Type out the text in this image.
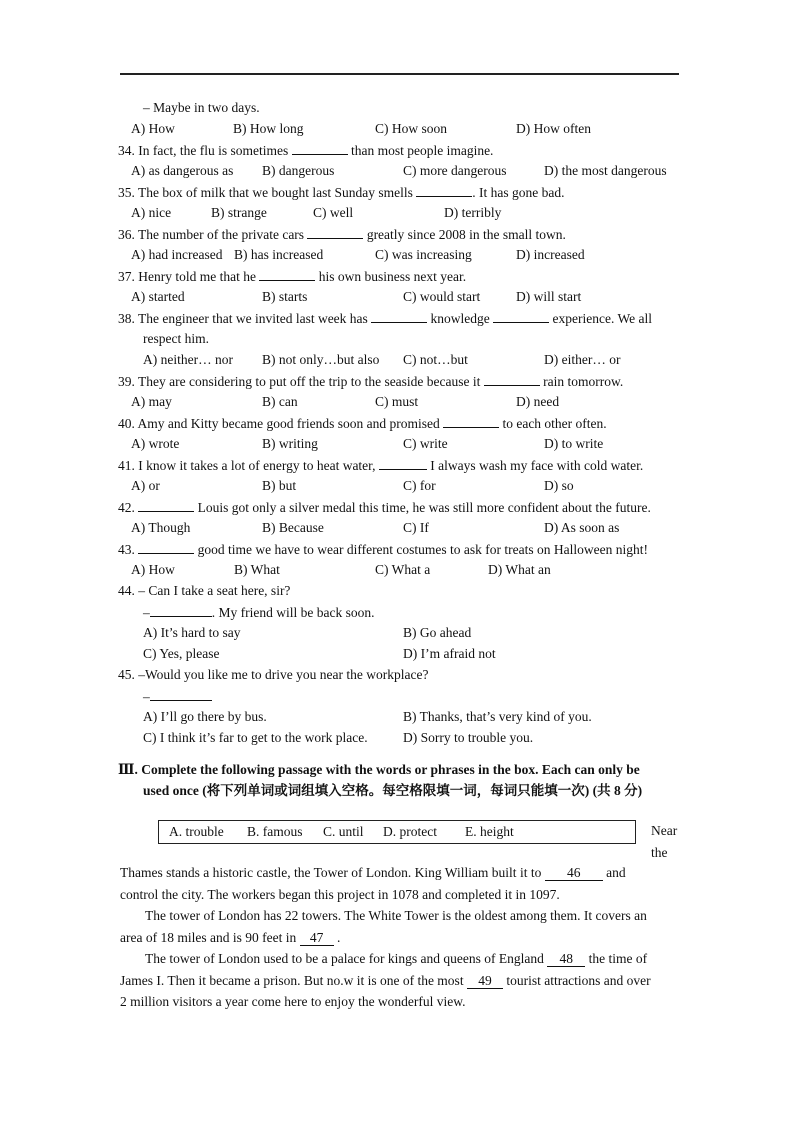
– Maybe in two days.
A) How	B) How long	C) How soon	D) How often
34. In fact, the flu is sometimes	than most people imagine.
A) as dangerous as B) dangerous	C) more dangerous	D) the most dangerous
35. The box of milk that we bought last Sunday smells	. It has gone bad.
A) nice	B) strange	C) well	D) terribly
36. The number of the private cars	greatly since 2008 in the small town.
A) had increased B) has increased	C) was increasing	D) increased
37. Henry told me that he	his own business next year.
A) started	B) starts	C) would start	D) will start
38. The engineer that we invited last week has	knowledge	experience. We all
respect him.
A) neither… nor B) not only…but also C) not…but	D) either… or
39. They are considering to put off the trip to the seaside because it	rain tomorrow.
A) may	B) can	C) must	D) need
40. Amy and Kitty became good friends soon and promised	to each other often.
A) wrote	B) writing	C) write	D) to write
41. I know it takes a lot of energy to heat water,	I always wash my face with cold water.
A) or	B) but	C) for	D) so
42.	Louis got only a silver medal this time, he was still more confident about the future.
A) Though	B) Because	C) If	D) As soon as
43.	good time we have to wear different costumes to ask for treats on Halloween night!
A) How	B) What	C) What a	D) What an
44. – Can I take a seat here, sir?
–	. My friend will be back soon.
A) It’s hard to say	B) Go ahead
C) Yes, please	D) I’m afraid not
45. –Would you like me to drive you near the workplace?
–
A) I’ll go there by bus.	B) Thanks, that’s very kind of you.
C) I think it’s far to get to the work place.	D) Sorry to trouble you.
Ⅲ. Complete the following passage with the words or phrases in the box. Each can only be
used once (将下列单词或词组填入空格。每空格限填一词，每词只能填一次) (共 8 分)
A. trouble B. famous C. until D. protect E. height	Near
the
Thames stands a historic castle, the Tower of London. King William built it to 46 and
control the city. The workers began this project in 1078 and completed it in 1097.
The tower of London has 22 towers. The White Tower is the oldest among them. It covers an
area of 18 miles and is 90 feet in 47 .
The tower of London used to be a palace for kings and queens of England 48 the time of
James I. Then it became a prison. But no.w it is one of the most 49 tourist attractions and over
2 million visitors a year come here to enjoy the wonderful view.
